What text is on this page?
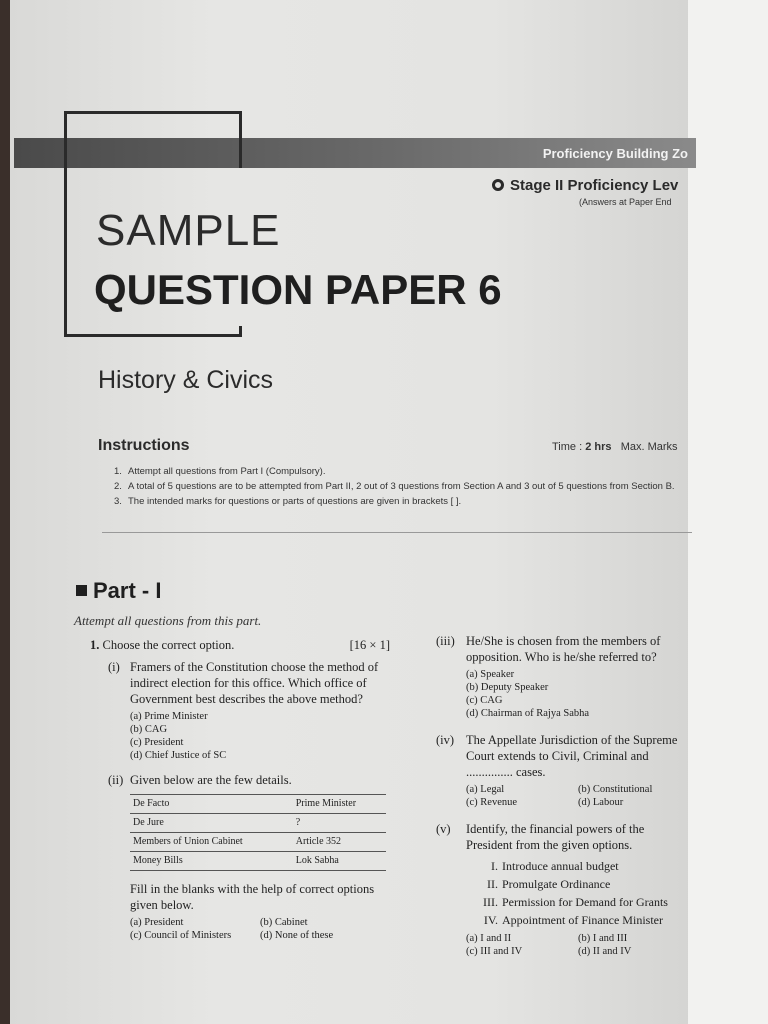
Proficiency Building Zo
Stage II Proficiency Lev
(Answers at Paper End
SAMPLE
QUESTION PAPER 6
History & Civics
Instructions	Time : 2 hrs Max. Marks
1. Attempt all questions from Part I (Compulsory).
2. A total of 5 questions are to be attempted from Part II, 2 out of 3 questions from Section A and 3 out of 5 questions from Section B.
3. The intended marks for questions or parts of questions are given in brackets [ ].
Part - I
Attempt all questions from this part.
1. Choose the correct option.	[16 × 1]
(i) Framers of the Constitution choose the method of indirect election for this office. Which office of Government best describes the above method?
(a) Prime Minister
(b) CAG
(c) President
(d) Chief Justice of SC
(ii) Given below are the few details.
De Facto	Prime Minister
De Jure	?
Members of Union Cabinet	Article 352
Money Bills	Lok Sabha
Fill in the blanks with the help of correct options given below.
(a) President	(b) Cabinet
(c) Council of Ministers	(d) None of these
(iii) He/She is chosen from the members of opposition. Who is he/she referred to?
(a) Speaker
(b) Deputy Speaker
(c) CAG
(d) Chairman of Rajya Sabha
(iv) The Appellate Jurisdiction of the Supreme Court extends to Civil, Criminal and ............... cases.
(a) Legal	(b) Constitutional
(c) Revenue	(d) Labour
(v)	Identify, the financial powers of the President from the given options.
I. Introduce annual budget
II. Promulgate Ordinance
III. Permission for Demand for Grants
IV. Appointment of Finance Minister
(a) I and II	(b) I and III
(c) III and IV	(d) II and IV
